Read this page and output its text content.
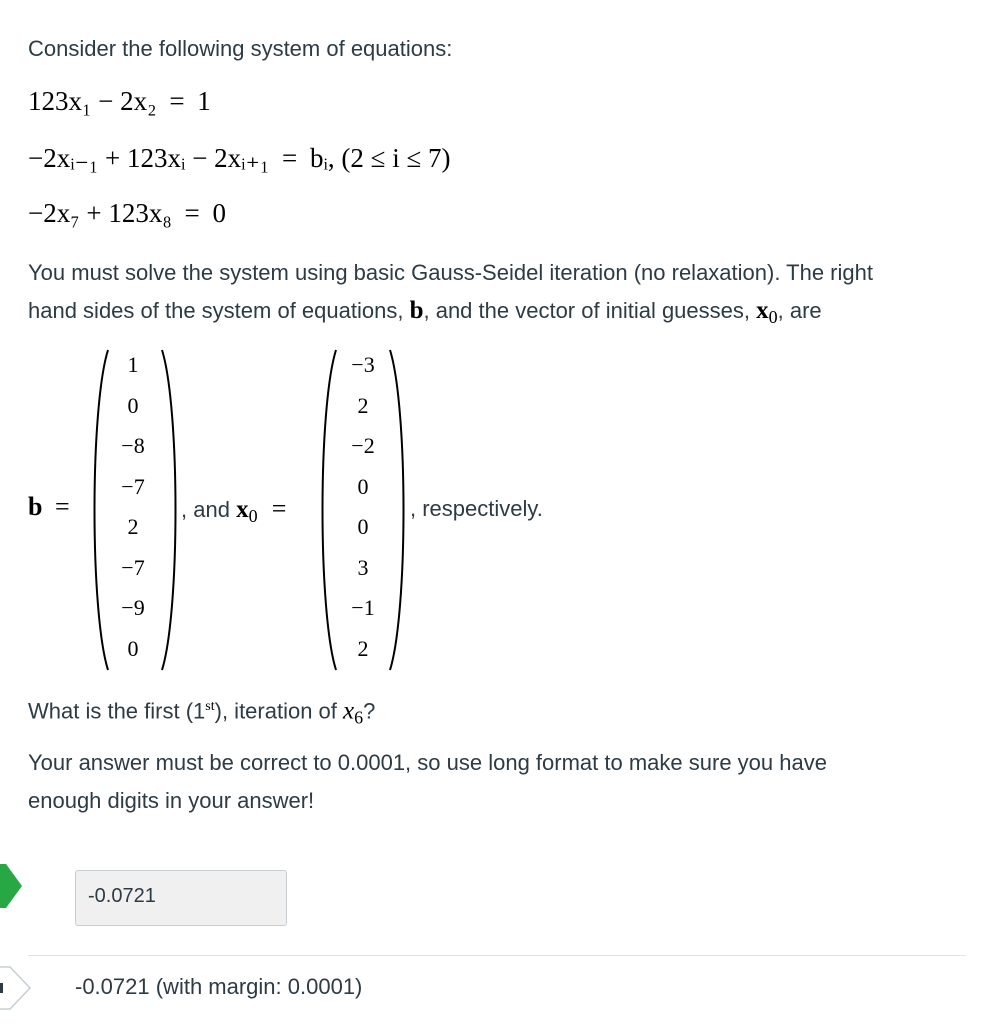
Consider the following system of equations:
123x₁ − 2x₂ = 1
−2xᵢ₋₁ + 123xᵢ − 2xᵢ₊₁ = bᵢ, (2 ≤ i ≤ 7)
−2x₇ + 123x₈ = 0
You must solve the system using basic Gauss-Seidel iteration (no relaxation). The right
hand sides of the system of equations, b, and the vector of initial guesses, $x_0$, are
b =
1
0
−8
−7
2
−7
−9
0
, and $x_0$ =
−3
2
−2
0
0
3
−1
2
, respectively.
What is the first (1st), iteration of $x_6$?
Your answer must be correct to 0.0001, so use long format to make sure you have
enough digits in your answer!
-0.0721
-0.0721 (with margin: 0.0001)
